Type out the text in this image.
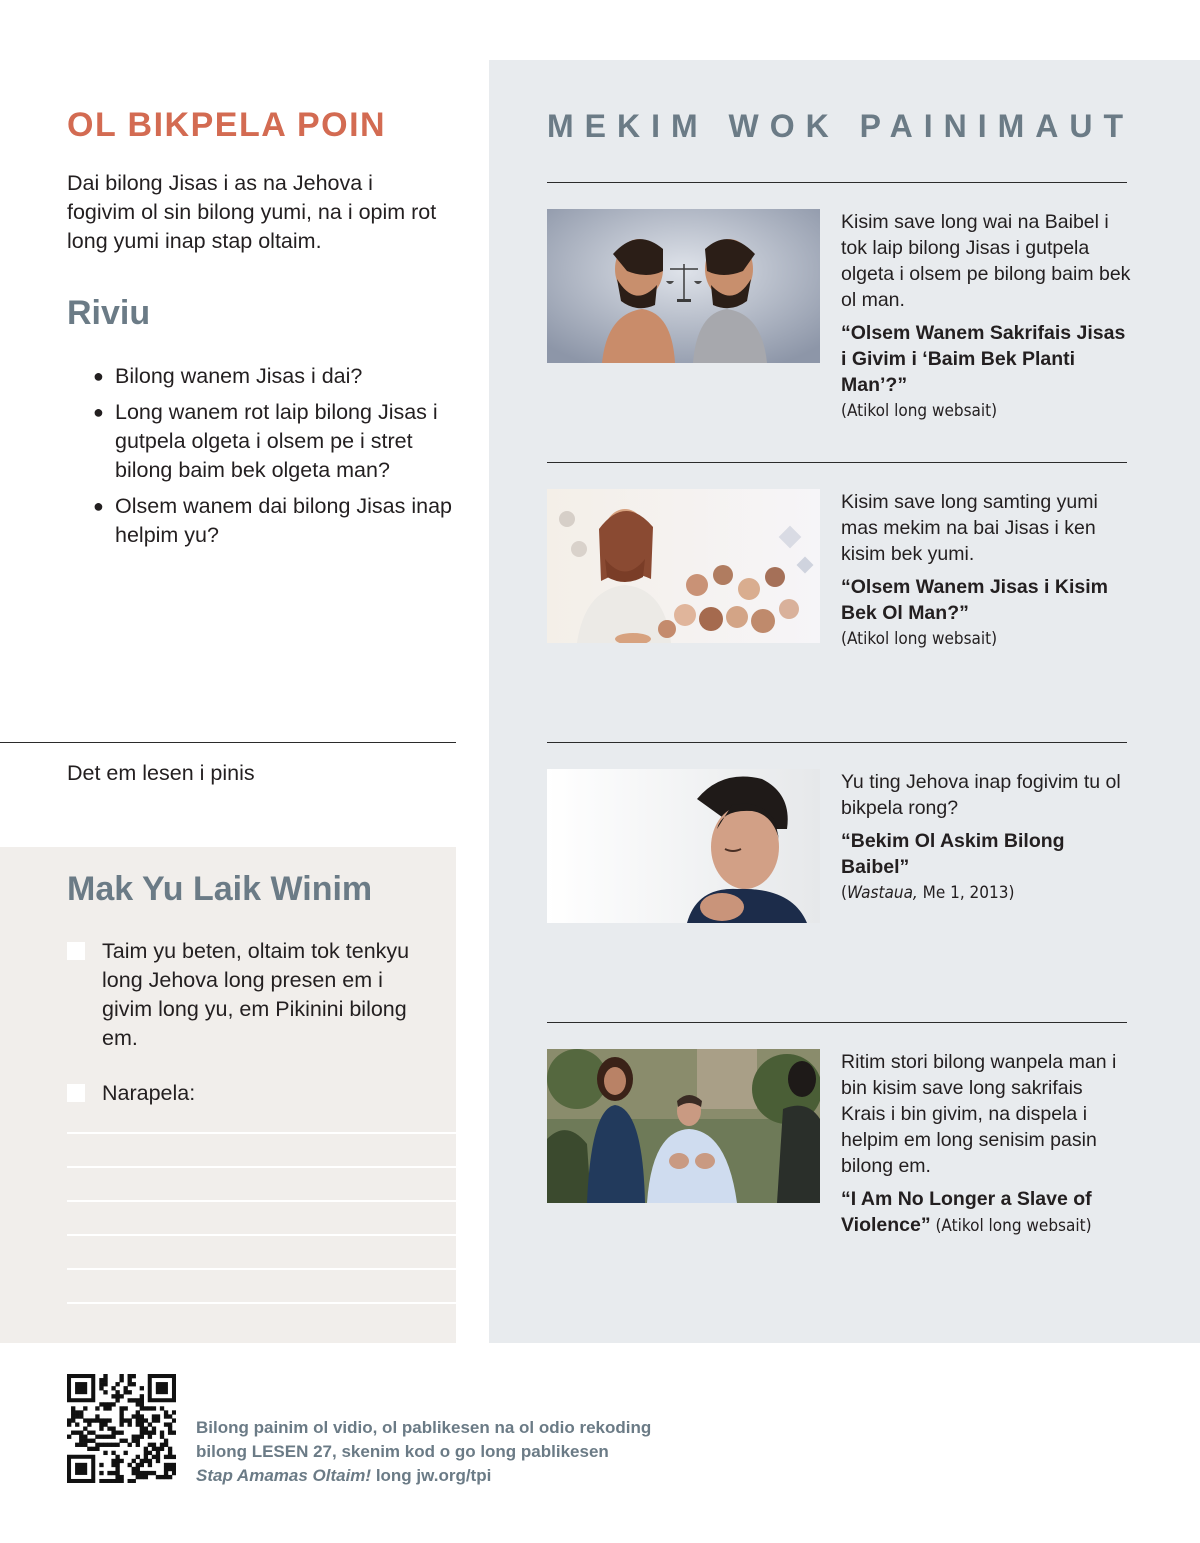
MEKIM WOK PAINIMAUT
Kisim save long wai na Baibel i tok laip bilong Jisas i gutpela olgeta i olsem pe bilong baim bek ol man.
“Olsem Wanem Sakrifais Jisas i Givim i ‘Baim Bek Planti Man’?”
(Atikol long websait)
Kisim save long samting yumi mas mekim na bai Jisas i ken kisim bek yumi.
“Olsem Wanem Jisas i Kisim Bek Ol Man?”
(Atikol long websait)
Yu ting Jehova inap fogivim tu ol bikpela rong?
“Bekim Ol Askim Bilong Baibel”
(Wastaua, Me 1, 2013)
Ritim stori bilong wanpela man i bin kisim save long sakrifais Krais i bin givim, na dispela i helpim em long senisim pasin bilong em.
“I Am No Longer a Slave of Violence” (Atikol long websait)
OL BIKPELA POIN
Dai bilong Jisas i as na Jehova i fogivim ol sin bilong yumi, na i opim rot long yumi inap stap oltaim.
Riviu
● Bilong wanem Jisas i dai?
● Long wanem rot laip bilong Jisas i gutpela olgeta i olsem pe i stret bilong baim bek olgeta man?
● Olsem wanem dai bilong Jisas inap helpim yu?
Det em lesen i pinis
Mak Yu Laik Winim
Taim yu beten, oltaim tok tenkyu long Jehova long presen em i givim long yu, em Pikinini bilong em.
Narapela:
Bilong painim ol vidio, ol pablikesen na ol odio rekoding
bilong LESEN 27, skenim kod o go long pablikesen
Stap Amamas Oltaim! long jw.org/tpi
